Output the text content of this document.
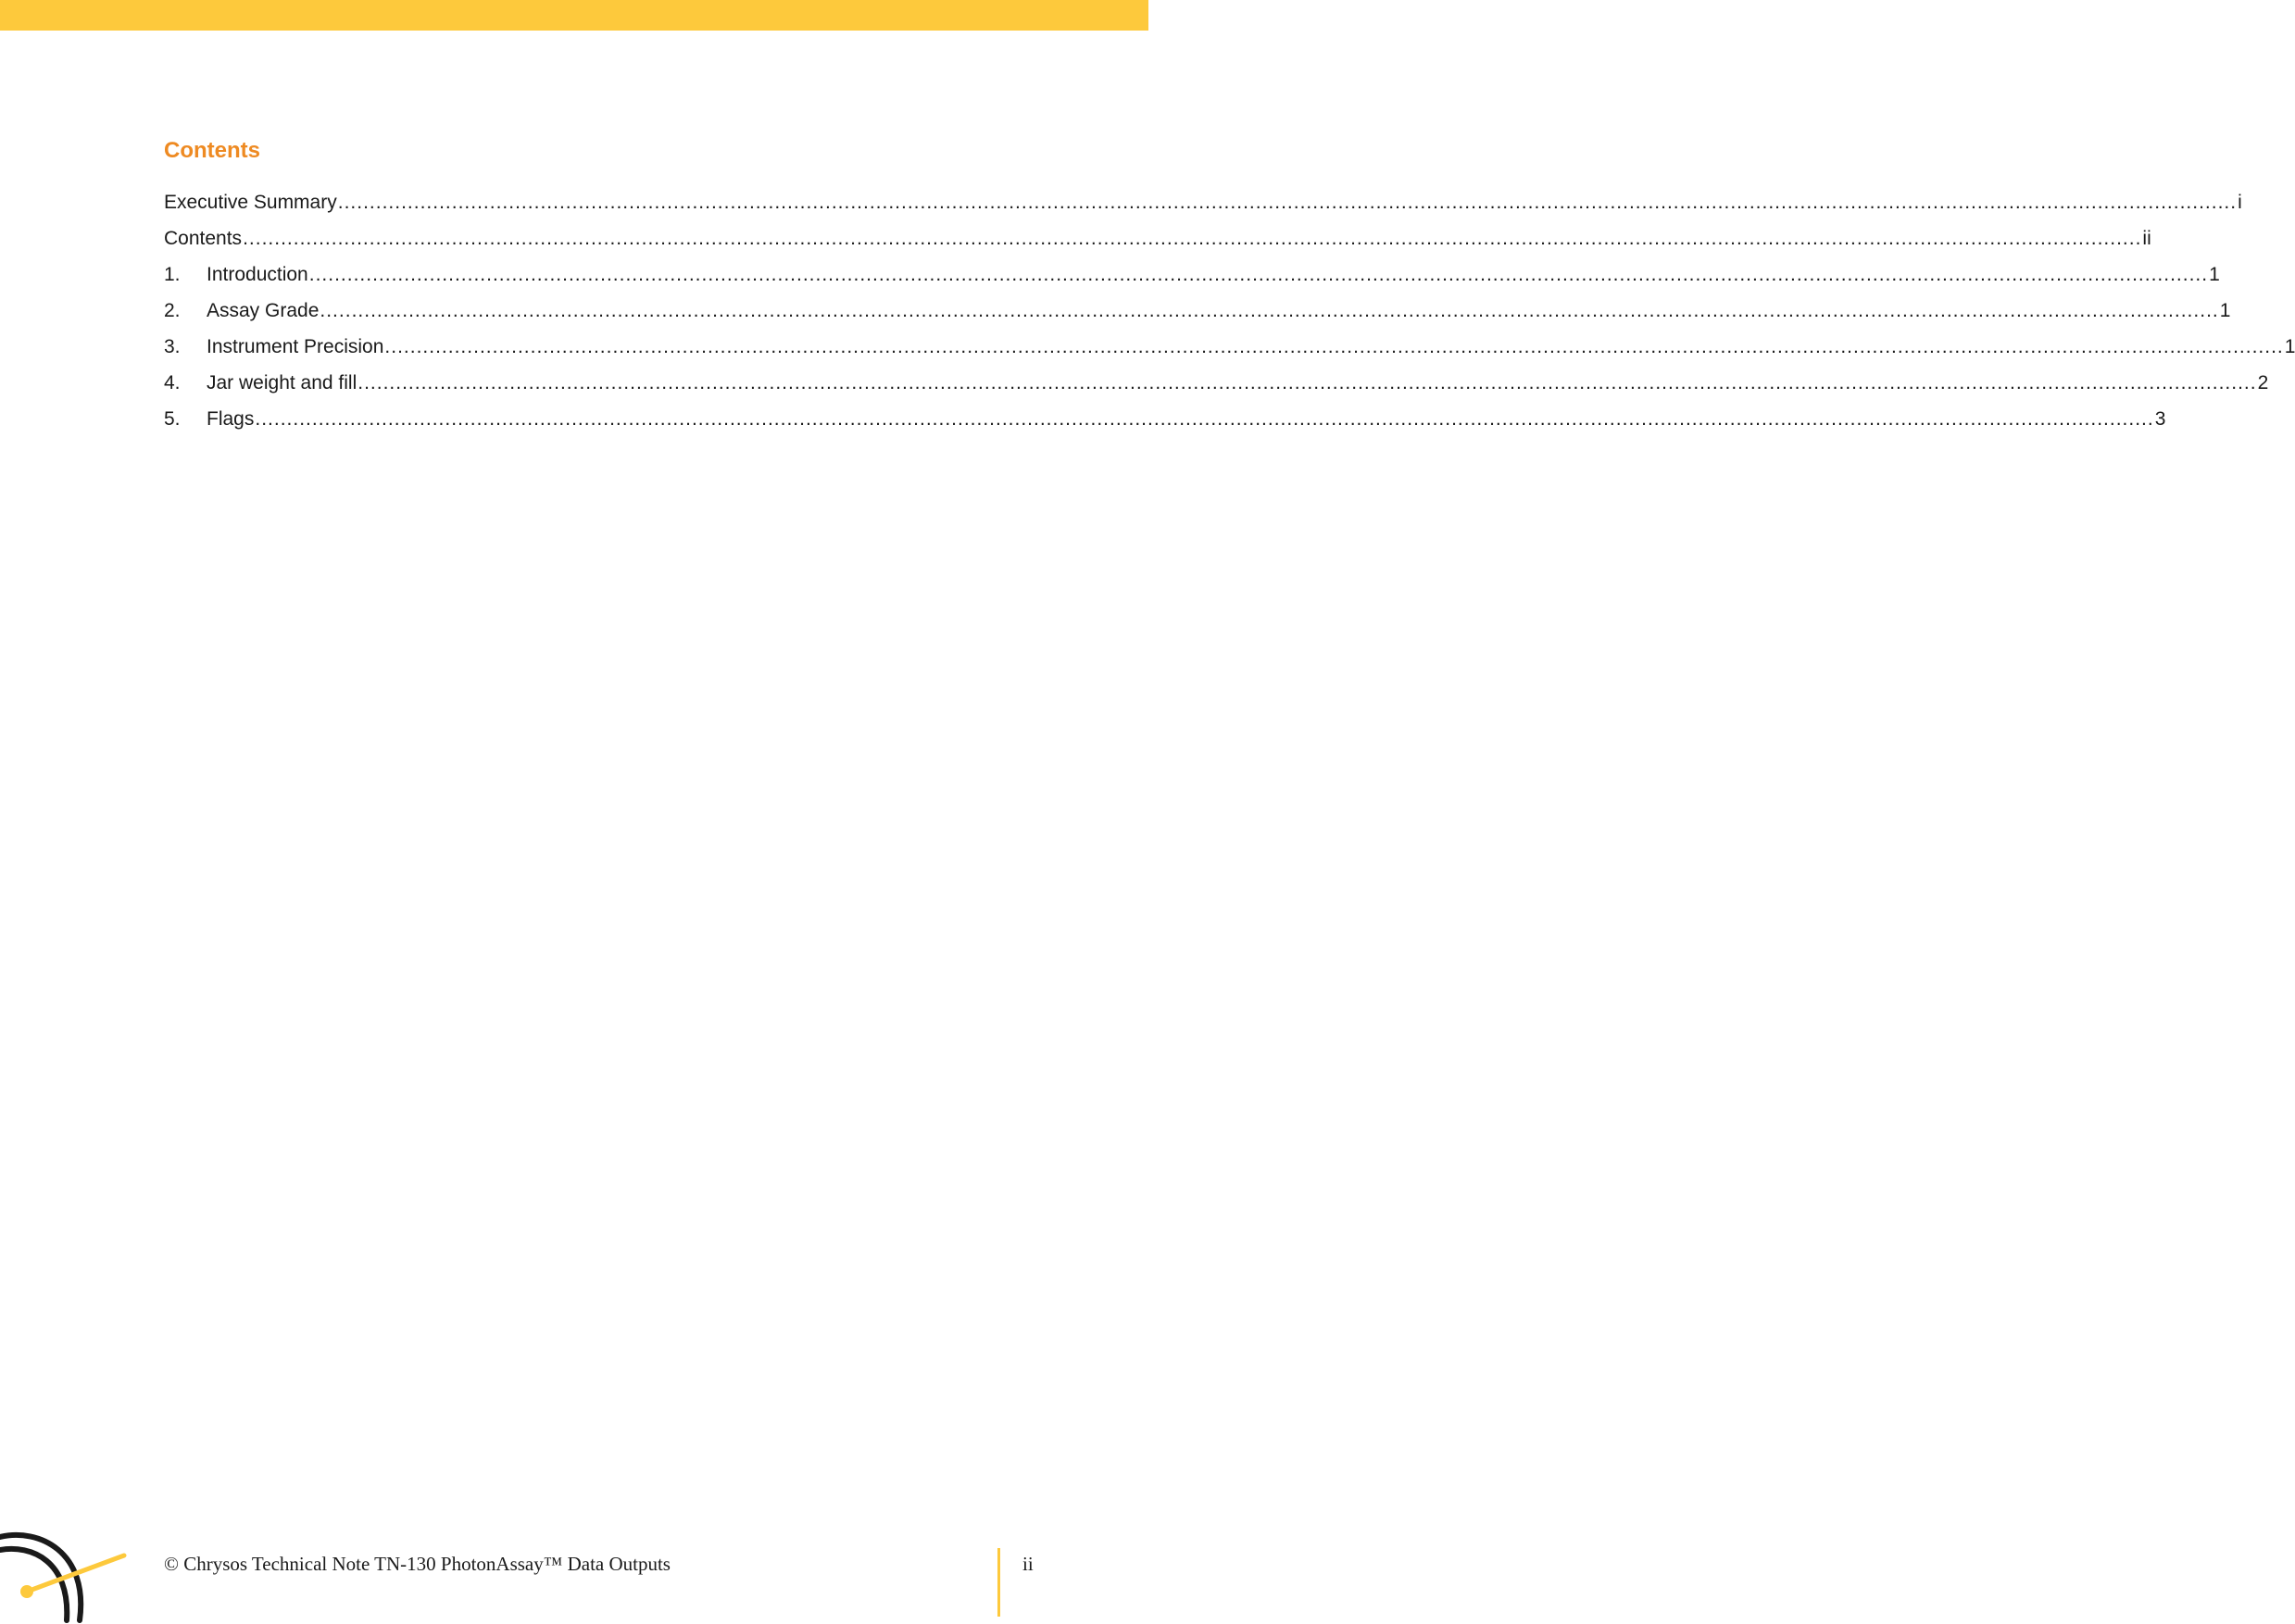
Contents
Executive Summary ............................................................................................................................................................................................................................................................................................................ i
Contents ............................................................................................................................................................................................................................................................................................................ ii
1.	Introduction ............................................................................................................................................................................................................................................................................................................ 1
2.	Assay Grade ............................................................................................................................................................................................................................................................................................................ 1
3.	Instrument Precision ............................................................................................................................................................................................................................................................................................................ 1
4.	Jar weight and fill ............................................................................................................................................................................................................................................................................................................ 2
5.	Flags ............................................................................................................................................................................................................................................................................................................ 3
© Chrysos Technical Note TN-130 PhotonAssay™ Data Outputs	ii
